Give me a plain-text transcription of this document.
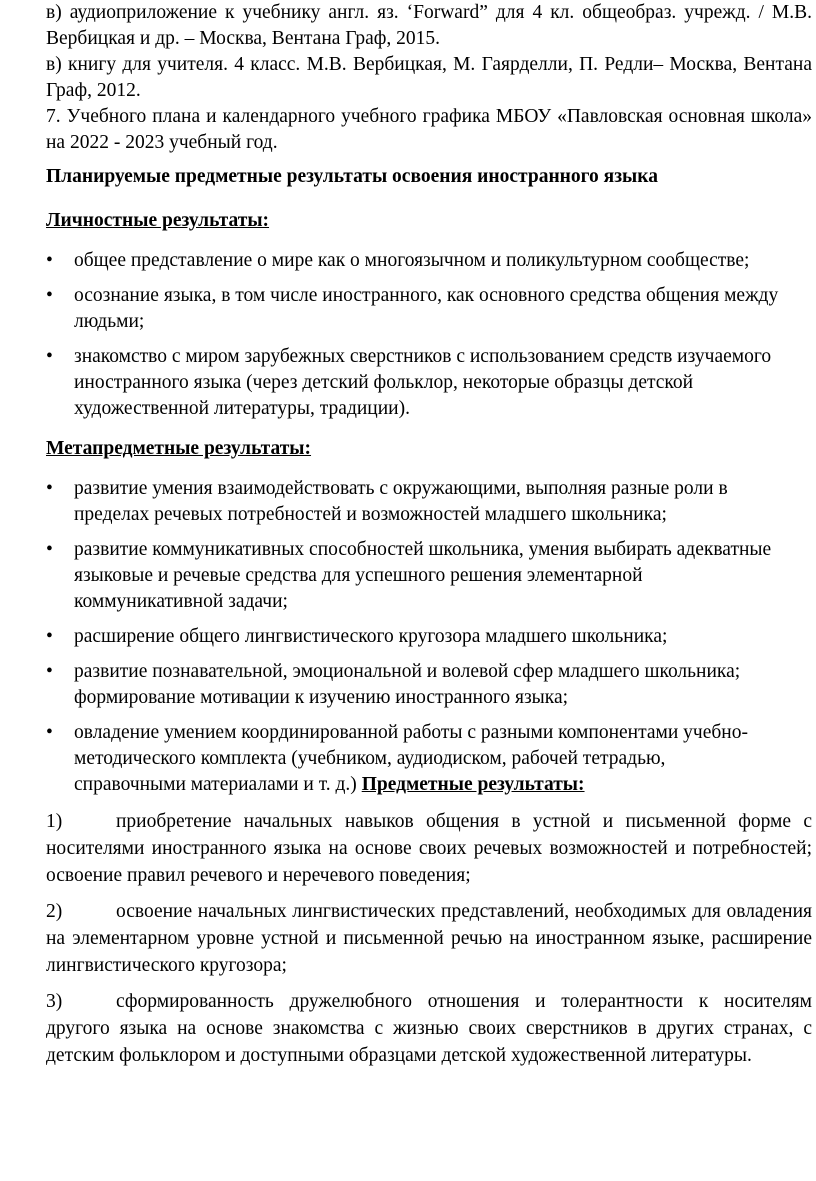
в) аудиоприложение к учебнику англ. яз. ‘Forward” для 4 кл. общеобраз. учрежд. / М.В. Вербицкая и др. – Москва, Вентана Граф, 2015.

в) книгу для учителя. 4 класс. М.В. Вербицкая, М. Гаярделли, П. Редли– Москва, Вентана Граф, 2012.

7. Учебного плана и календарного учебного графика МБОУ «Павловская основная школа» на 2022 - 2023 учебный год.

Планируемые предметные результаты освоения иностранного языка

Личностные результаты:

• общее представление о мире как о многоязычном и поликультурном сообществе;
• осознание языка, в том числе иностранного, как основного средства общения между людьми;
• знакомство с миром зарубежных сверстников с использованием средств изучаемого иностранного языка (через детский фольклор, некоторые образцы детской художественной литературы, традиции).

Метапредметные результаты:

• развитие умения взаимодействовать с окружающими, выполняя разные роли в пределах речевых потребностей и возможностей младшего школьника;
• развитие коммуникативных способностей школьника, умения выбирать адекватные языковые и речевые средства для успешного решения элементарной коммуникативной задачи;
• расширение общего лингвистического кругозора младшего школьника;
• развитие познавательной, эмоциональной и волевой сфер младшего школьника; формирование мотивации к изучению иностранного языка;
• овладение умением координированной работы с разными компонентами учебно-методического комплекта (учебником, аудиодиском, рабочей тетрадью, справочными материалами и т. д.) Предметные результаты:
1)	приобретение начальных навыков общения в устной и письменной форме с носителями иностранного языка на основе своих речевых возможностей и потребностей; освоение правил речевого и неречевого поведения;
2)	освоение начальных лингвистических представлений, необходимых для овладения на элементарном уровне устной и письменной речью на иностранном языке, расширение лингвистического кругозора;
3)	сформированность дружелюбного отношения и толерантности к носителям другого языка на основе знакомства с жизнью своих сверстников в других странах, с детским фольклором и доступными образцами детской художественной литературы.
